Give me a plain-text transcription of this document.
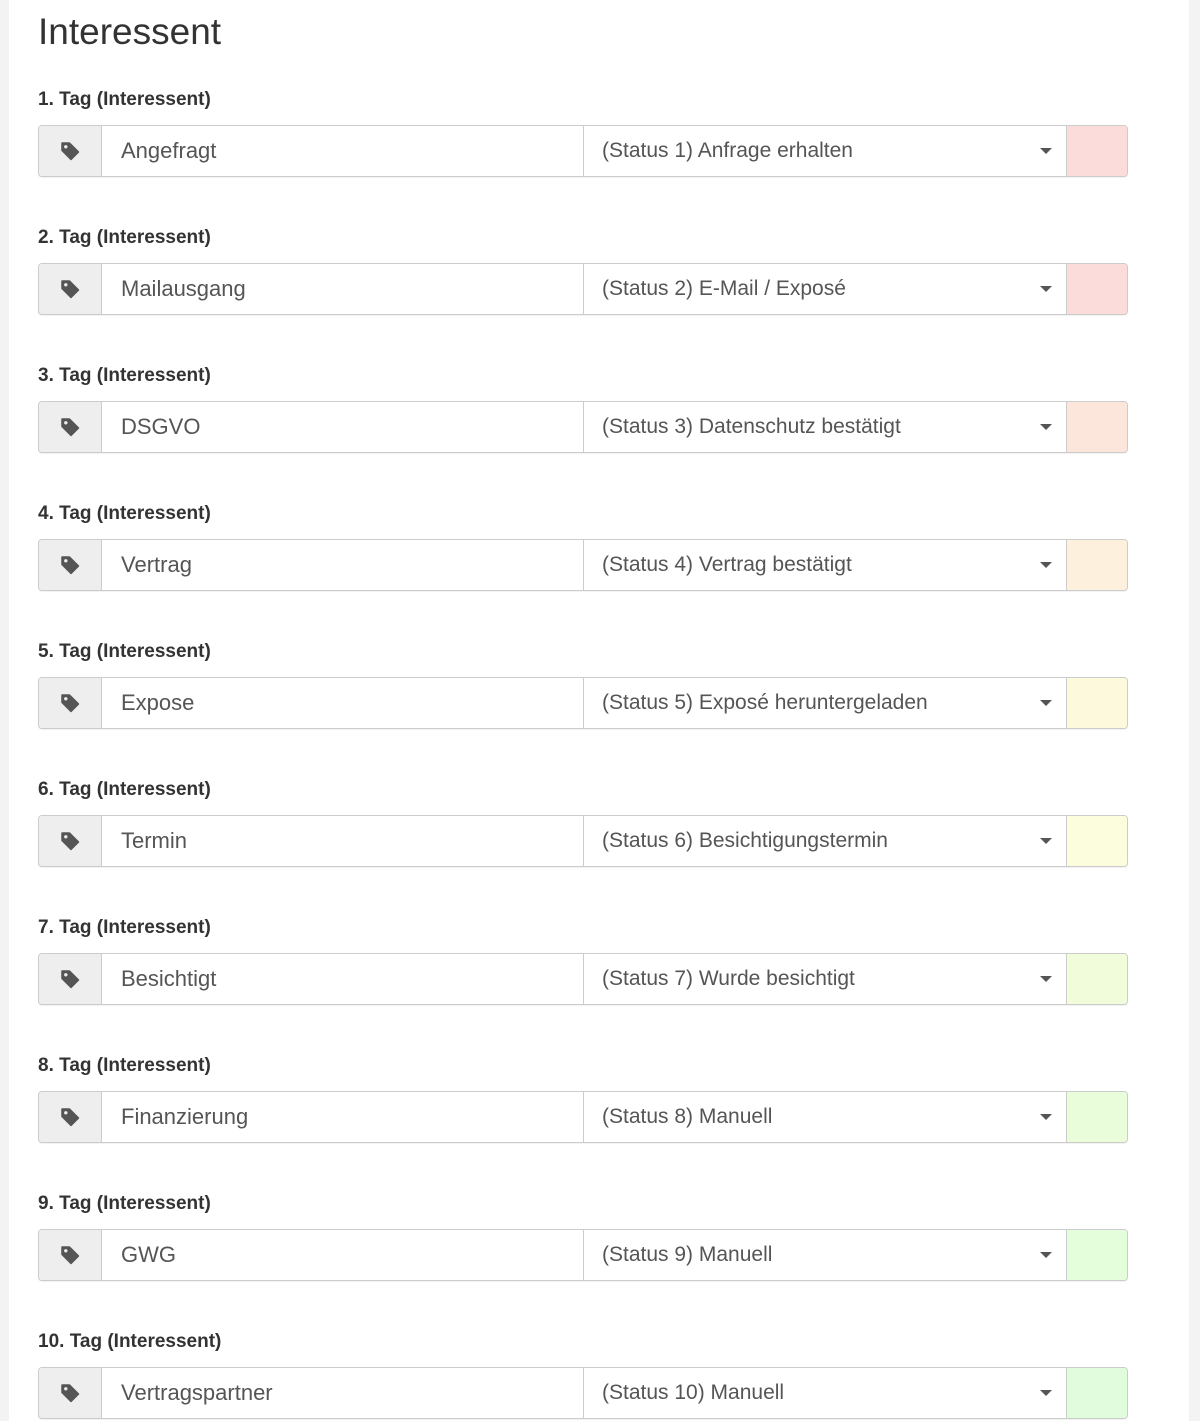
Interessent
1. Tag (Interessent)
Angefragt
(Status 1) Anfrage erhalten
2. Tag (Interessent)
Mailausgang
(Status 2) E-Mail / Exposé
3. Tag (Interessent)
DSGVO
(Status 3) Datenschutz bestätigt
4. Tag (Interessent)
Vertrag
(Status 4) Vertrag bestätigt
5. Tag (Interessent)
Expose
(Status 5) Exposé heruntergeladen
6. Tag (Interessent)
Termin
(Status 6) Besichtigungstermin
7. Tag (Interessent)
Besichtigt
(Status 7) Wurde besichtigt
8. Tag (Interessent)
Finanzierung
(Status 8) Manuell
9. Tag (Interessent)
GWG
(Status 9) Manuell
10. Tag (Interessent)
Vertragspartner
(Status 10) Manuell
